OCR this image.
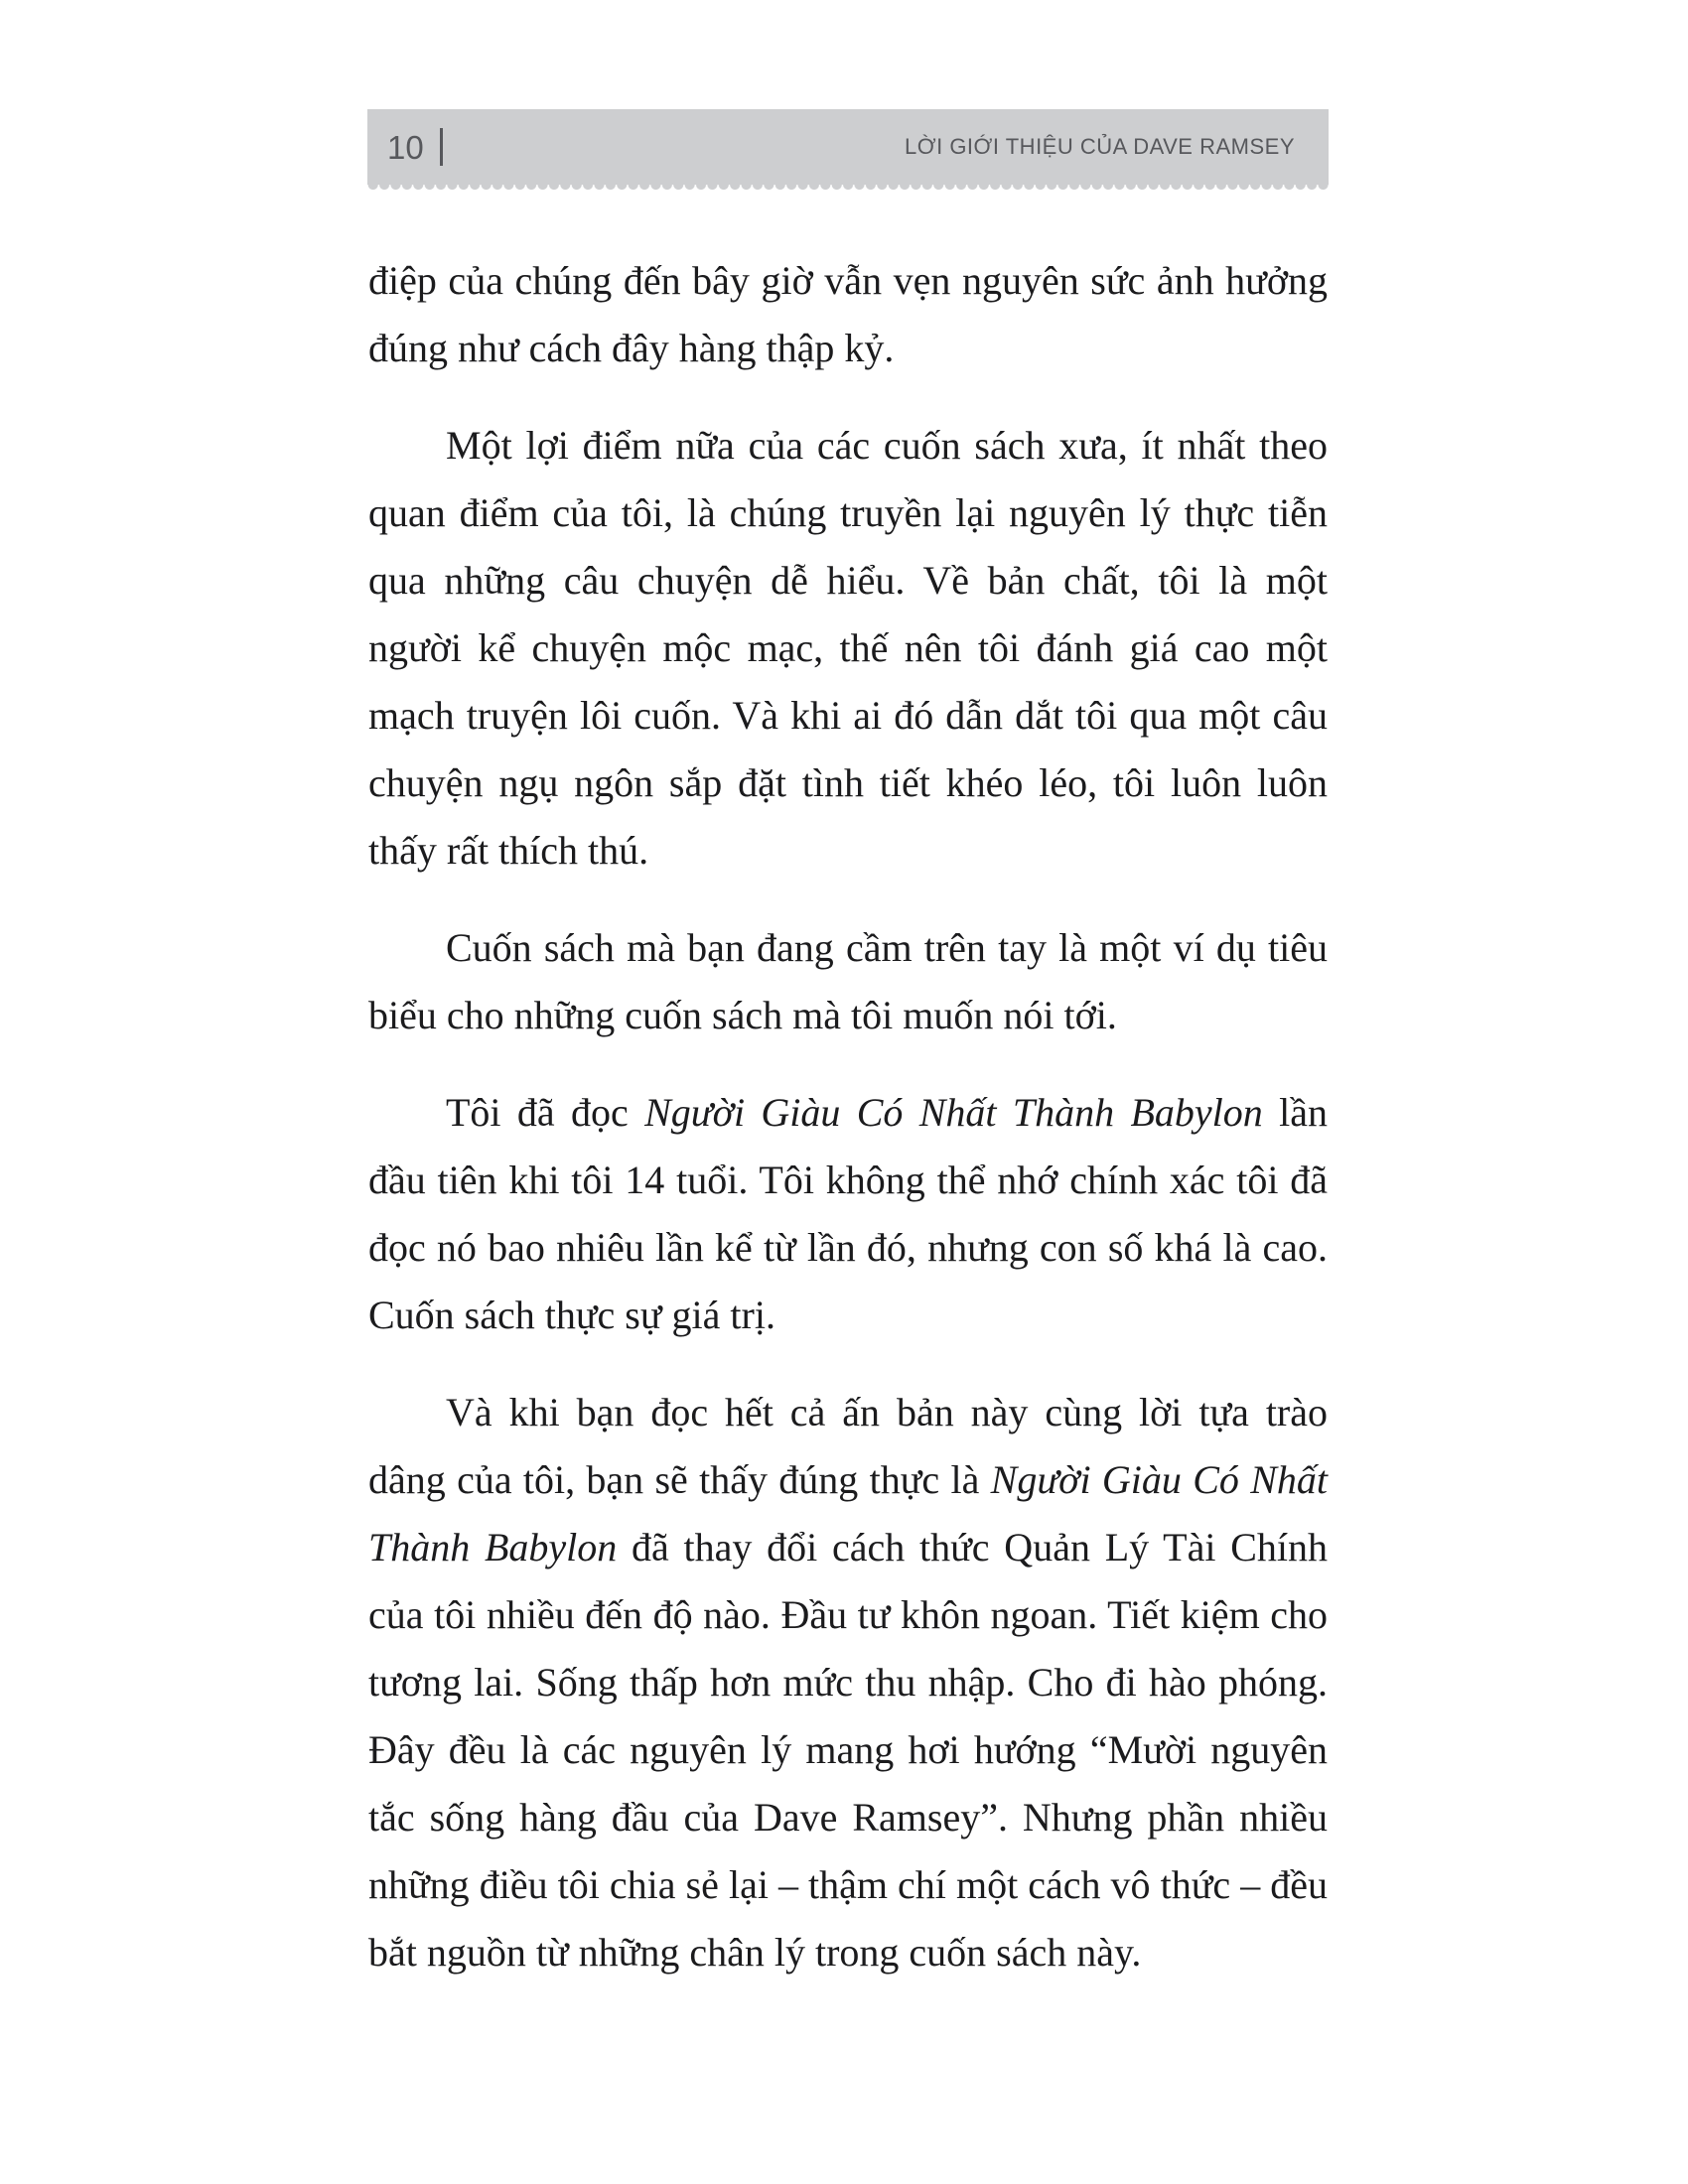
10	LỜI GIỚI THIỆU CỦA DAVE RAMSEY

điệp của chúng đến bây giờ vẫn vẹn nguyên sức ảnh hưởng đúng như cách đây hàng thập kỷ.

Một lợi điểm nữa của các cuốn sách xưa, ít nhất theo quan điểm của tôi, là chúng truyền lại nguyên lý thực tiễn qua những câu chuyện dễ hiểu. Về bản chất, tôi là một người kể chuyện mộc mạc, thế nên tôi đánh giá cao một mạch truyện lôi cuốn. Và khi ai đó dẫn dắt tôi qua một câu chuyện ngụ ngôn sắp đặt tình tiết khéo léo, tôi luôn luôn thấy rất thích thú.

Cuốn sách mà bạn đang cầm trên tay là một ví dụ tiêu biểu cho những cuốn sách mà tôi muốn nói tới.

Tôi đã đọc Người Giàu Có Nhất Thành Babylon lần đầu tiên khi tôi 14 tuổi. Tôi không thể nhớ chính xác tôi đã đọc nó bao nhiêu lần kể từ lần đó, nhưng con số khá là cao. Cuốn sách thực sự giá trị.

Và khi bạn đọc hết cả ấn bản này cùng lời tựa trào dâng của tôi, bạn sẽ thấy đúng thực là Người Giàu Có Nhất Thành Babylon đã thay đổi cách thức Quản Lý Tài Chính của tôi nhiều đến độ nào. Đầu tư khôn ngoan. Tiết kiệm cho tương lai. Sống thấp hơn mức thu nhập. Cho đi hào phóng. Đây đều là các nguyên lý mang hơi hướng “Mười nguyên tắc sống hàng đầu của Dave Ramsey”. Nhưng phần nhiều những điều tôi chia sẻ lại – thậm chí một cách vô thức – đều bắt nguồn từ những chân lý trong cuốn sách này.
